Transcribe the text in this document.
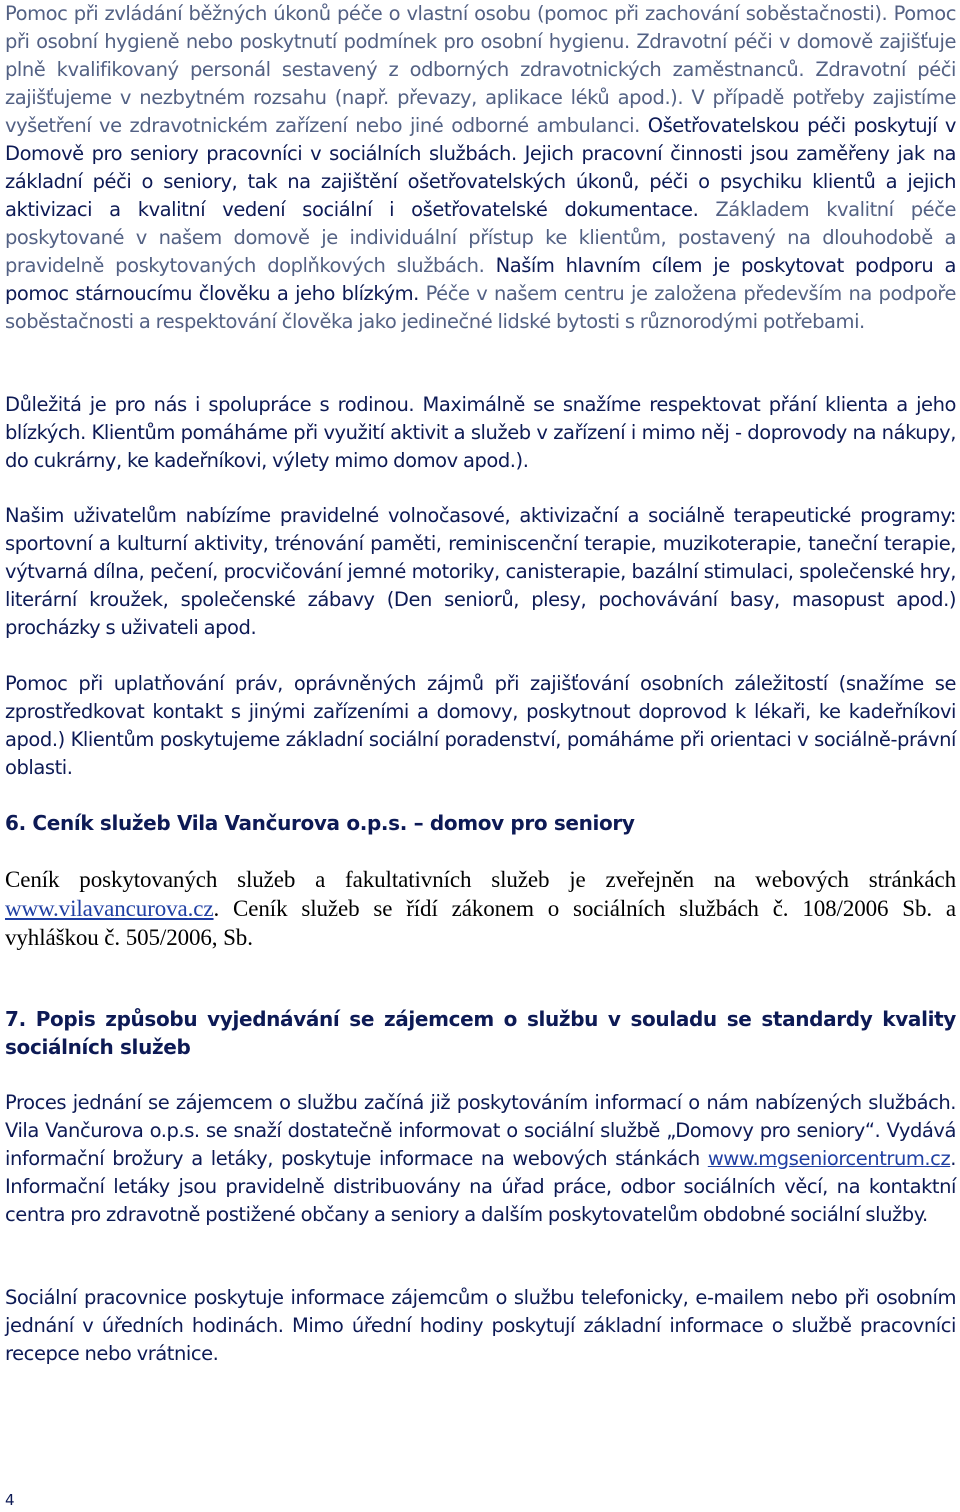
Pomoc při zvládání běžných úkonů péče o vlastní osobu (pomoc při zachování soběstačnosti). Pomoc při osobní hygieně nebo poskytnutí podmínek pro osobní hygienu. Zdravotní péči v domově zajišťuje plně kvalifikovaný personál sestavený z odborných zdravotnických zaměstnanců. Zdravotní péči zajišťujeme v nezbytném rozsahu (např. převazy, aplikace léků apod.). V případě potřeby zajistíme vyšetření ve zdravotnickém zařízení nebo jiné odborné ambulanci. Ošetřovatelskou péči poskytují v Domově pro seniory pracovníci v sociálních službách. Jejich pracovní činnosti jsou zaměřeny jak na základní péči o seniory, tak na zajištění ošetřovatelských úkonů, péči o psychiku klientů a jejich aktivizaci a kvalitní vedení sociální i ošetřovatelské dokumentace. Základem kvalitní péče poskytované v našem domově je individuální přístup ke klientům, postavený na dlouhodobě a pravidelně poskytovaných doplňkových službách. Naším hlavním cílem je poskytovat podporu a pomoc stárnoucímu člověku a jeho blízkým. Péče v našem centru je založena především na podpoře soběstačnosti a respektování člověka jako jedinečné lidské bytosti s různorodými potřebami.

Důležitá je pro nás i spolupráce s rodinou. Maximálně se snažíme respektovat přání klienta a jeho blízkých. Klientům pomáháme při využití aktivit a služeb v zařízení i mimo něj - doprovody na nákupy, do cukrárny, ke kadeřníkovi, výlety mimo domov apod.).

Našim uživatelům nabízíme pravidelné volnočasové, aktivizační a sociálně terapeutické programy: sportovní a kulturní aktivity, trénování paměti, reminiscenční terapie, muzikoterapie, taneční terapie, výtvarná dílna, pečení, procvičování jemné motoriky, canisterapie, bazální stimulaci, společenské hry, literární kroužek, společenské zábavy (Den seniorů, plesy, pochovávání basy, masopust apod.) procházky s uživateli apod.

Pomoc při uplatňování práv, oprávněných zájmů při zajišťování osobních záležitostí (snažíme se zprostředkovat kontakt s jinými zařízeními a domovy, poskytnout doprovod k lékaři, ke kadeřníkovi apod.) Klientům poskytujeme základní sociální poradenství, pomáháme při orientaci v sociálně-právní oblasti.

6. Ceník služeb Vila Vančurova o.p.s. – domov pro seniory

Ceník poskytovaných služeb a fakultativních služeb je zveřejněn na webových stránkách www.vilavancurova.cz. Ceník služeb se řídí zákonem o sociálních službách č. 108/2006 Sb. a vyhláškou č. 505/2006, Sb.

7. Popis způsobu vyjednávání se zájemcem o službu v souladu se standardy kvality sociálních služeb

Proces jednání se zájemcem o službu začíná již poskytováním informací o nám nabízených službách. Vila Vančurova o.p.s. se snaží dostatečně informovat o sociální službě „Domovy pro seniory“. Vydává informační brožury a letáky, poskytuje informace na webových stánkách www.mgseniorcentrum.cz. Informační letáky jsou pravidelně distribuovány na úřad práce, odbor sociálních věcí, na kontaktní centra pro zdravotně postižené občany a seniory a dalším poskytovatelům obdobné sociální služby.

Sociální pracovnice poskytuje informace zájemcům o službu telefonicky, e-mailem nebo při osobním jednání v úředních hodinách. Mimo úřední hodiny poskytují základní informace o službě pracovníci recepce nebo vrátnice.

4
